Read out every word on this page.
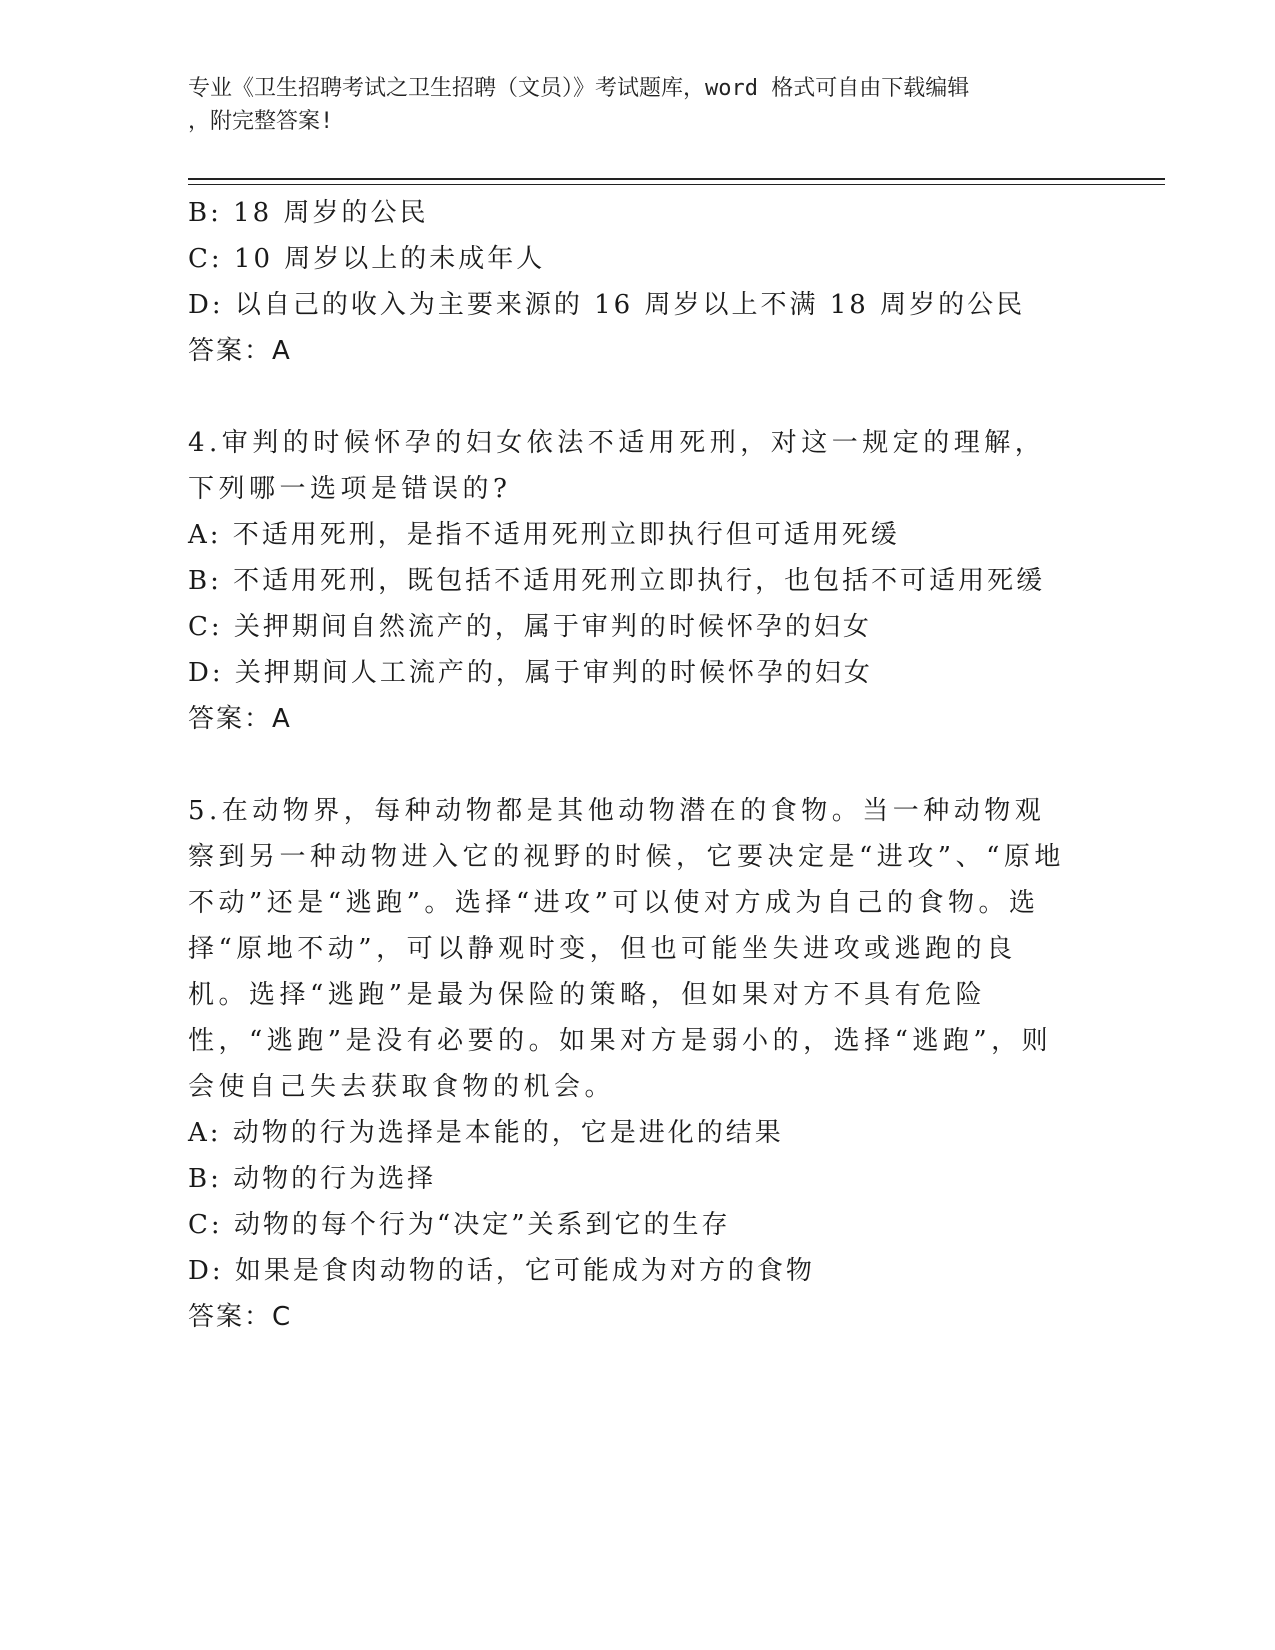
专业《卫生招聘考试之卫生招聘（文员）》考试题库，word 格式可自由下载编辑
，附完整答案!
B: 18 周岁的公民
C: 10 周岁以上的未成年人
D: 以自己的收入为主要来源的 16 周岁以上不满 18 周岁的公民
答案：A
4.审判的时候怀孕的妇女依法不适用死刑，对这一规定的理解，下列哪一选项是错误的?
A: 不适用死刑，是指不适用死刑立即执行但可适用死缓
B: 不适用死刑，既包括不适用死刑立即执行，也包括不可适用死缓
C: 关押期间自然流产的，属于审判的时候怀孕的妇女
D: 关押期间人工流产的，属于审判的时候怀孕的妇女
答案：A
5.在动物界，每种动物都是其他动物潜在的食物。当一种动物观察到另一种动物进入它的视野的时候，它要决定是“进攻”、“原地不动”还是“逃跑”。选择“进攻”可以使对方成为自己的食物。选择“原地不动”，可以静观时变，但也可能坐失进攻或逃跑的良机。选择“逃跑”是最为保险的策略，但如果对方不具有危险性，“逃跑”是没有必要的。如果对方是弱小的，选择“逃跑”，则会使自己失去获取食物的机会。
A: 动物的行为选择是本能的，它是进化的结果
B: 动物的行为选择
C: 动物的每个行为“决定”关系到它的生存
D: 如果是食肉动物的话，它可能成为对方的食物
答案：C
